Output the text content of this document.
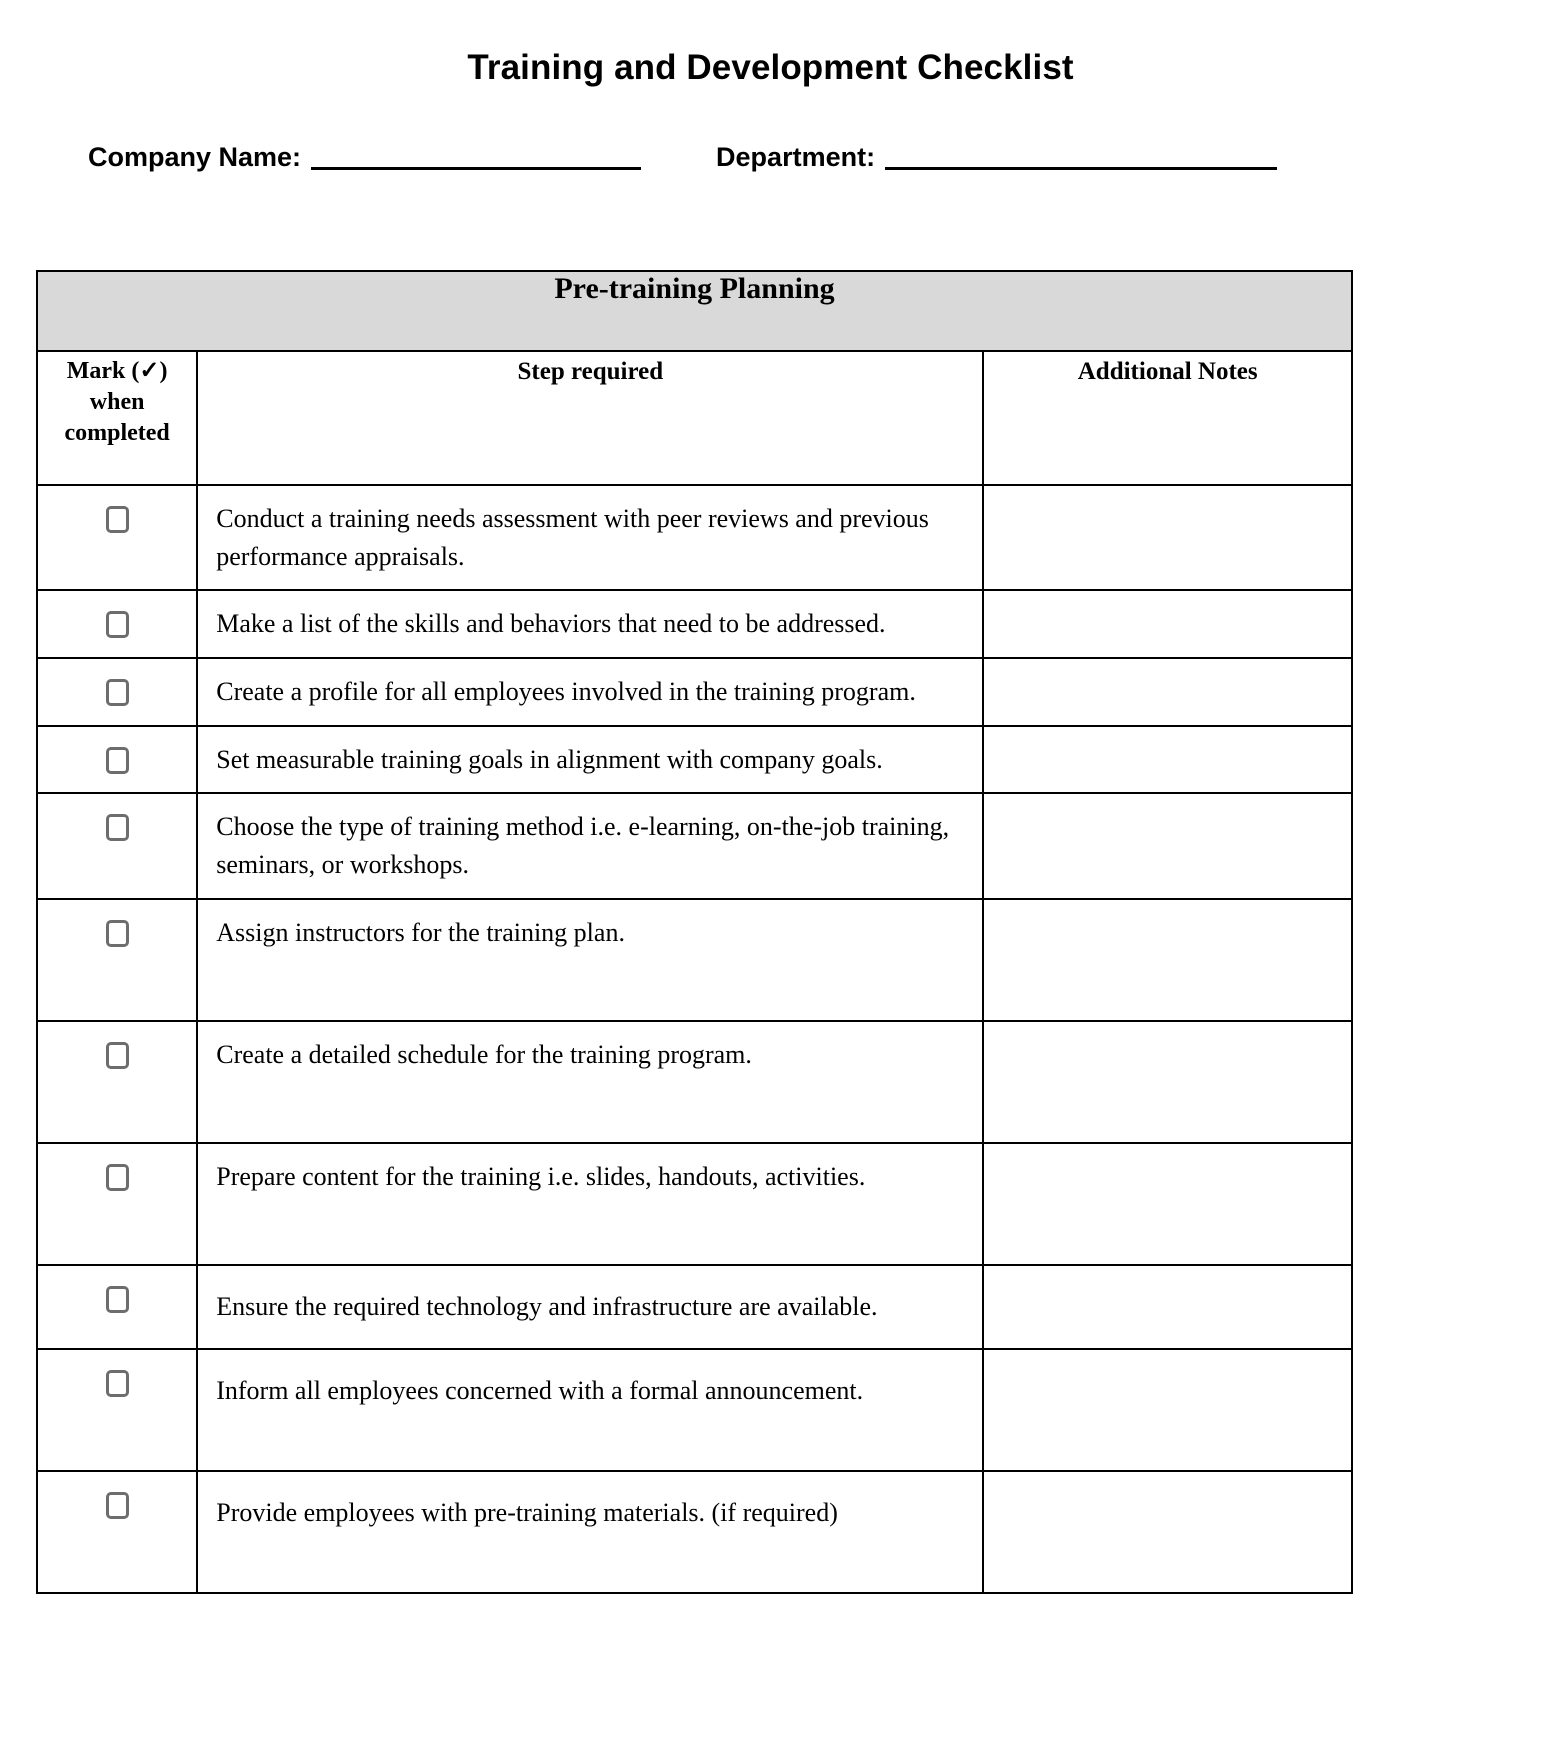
Training and Development Checklist
Company Name:	Department:
Pre-training Planning		
Mark (✓)
when
completed	Step required	Additional Notes
	Conduct a training needs assessment with peer reviews and previous performance appraisals.	
	Make a list of the skills and behaviors that need to be addressed.	
	Create a profile for all employees involved in the training program.	
	Set measurable training goals in alignment with company goals.	
	Choose the type of training method i.e. e-learning, on-the-job training, seminars, or workshops.	
	Assign instructors for the training plan.	
	Create a detailed schedule for the training program.	
	Prepare content for the training i.e. slides, handouts, activities.	
	Ensure the required technology and infrastructure are available.	
	Inform all employees concerned with a formal announcement.	
	Provide employees with pre-training materials. (if required)	
